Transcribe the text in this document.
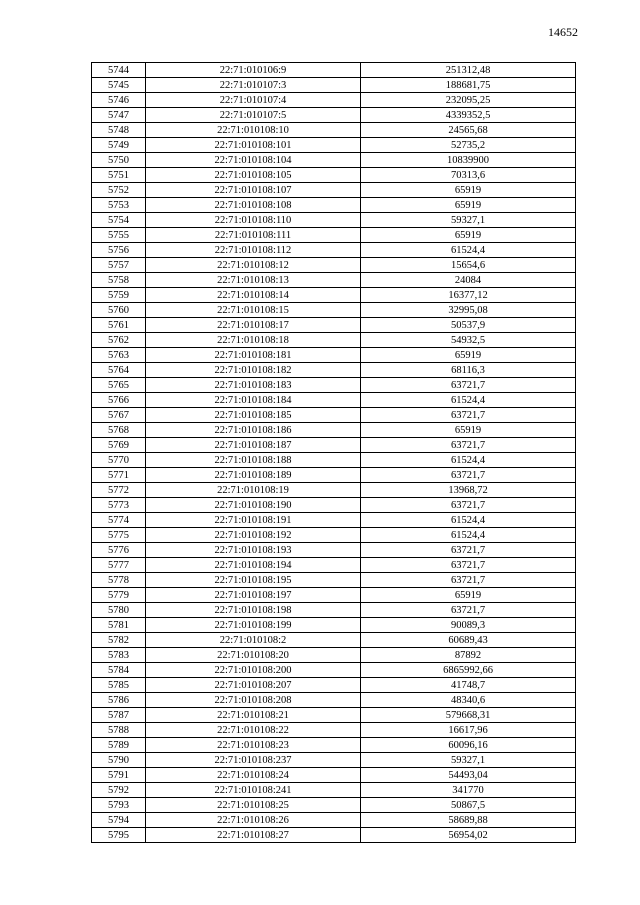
14652
5744	22:71:010106:9	251312,48
5745	22:71:010107:3	188681,75
5746	22:71:010107:4	232095,25
5747	22:71:010107:5	4339352,5
5748	22:71:010108:10	24565,68
5749	22:71:010108:101	52735,2
5750	22:71:010108:104	10839900
5751	22:71:010108:105	70313,6
5752	22:71:010108:107	65919
5753	22:71:010108:108	65919
5754	22:71:010108:110	59327,1
5755	22:71:010108:111	65919
5756	22:71:010108:112	61524,4
5757	22:71:010108:12	15654,6
5758	22:71:010108:13	24084
5759	22:71:010108:14	16377,12
5760	22:71:010108:15	32995,08
5761	22:71:010108:17	50537,9
5762	22:71:010108:18	54932,5
5763	22:71:010108:181	65919
5764	22:71:010108:182	68116,3
5765	22:71:010108:183	63721,7
5766	22:71:010108:184	61524,4
5767	22:71:010108:185	63721,7
5768	22:71:010108:186	65919
5769	22:71:010108:187	63721,7
5770	22:71:010108:188	61524,4
5771	22:71:010108:189	63721,7
5772	22:71:010108:19	13968,72
5773	22:71:010108:190	63721,7
5774	22:71:010108:191	61524,4
5775	22:71:010108:192	61524,4
5776	22:71:010108:193	63721,7
5777	22:71:010108:194	63721,7
5778	22:71:010108:195	63721,7
5779	22:71:010108:197	65919
5780	22:71:010108:198	63721,7
5781	22:71:010108:199	90089,3
5782	22:71:010108:2	60689,43
5783	22:71:010108:20	87892
5784	22:71:010108:200	6865992,66
5785	22:71:010108:207	41748,7
5786	22:71:010108:208	48340,6
5787	22:71:010108:21	579668,31
5788	22:71:010108:22	16617,96
5789	22:71:010108:23	60096,16
5790	22:71:010108:237	59327,1
5791	22:71:010108:24	54493,04
5792	22:71:010108:241	341770
5793	22:71:010108:25	50867,5
5794	22:71:010108:26	58689,88
5795	22:71:010108:27	56954,02
